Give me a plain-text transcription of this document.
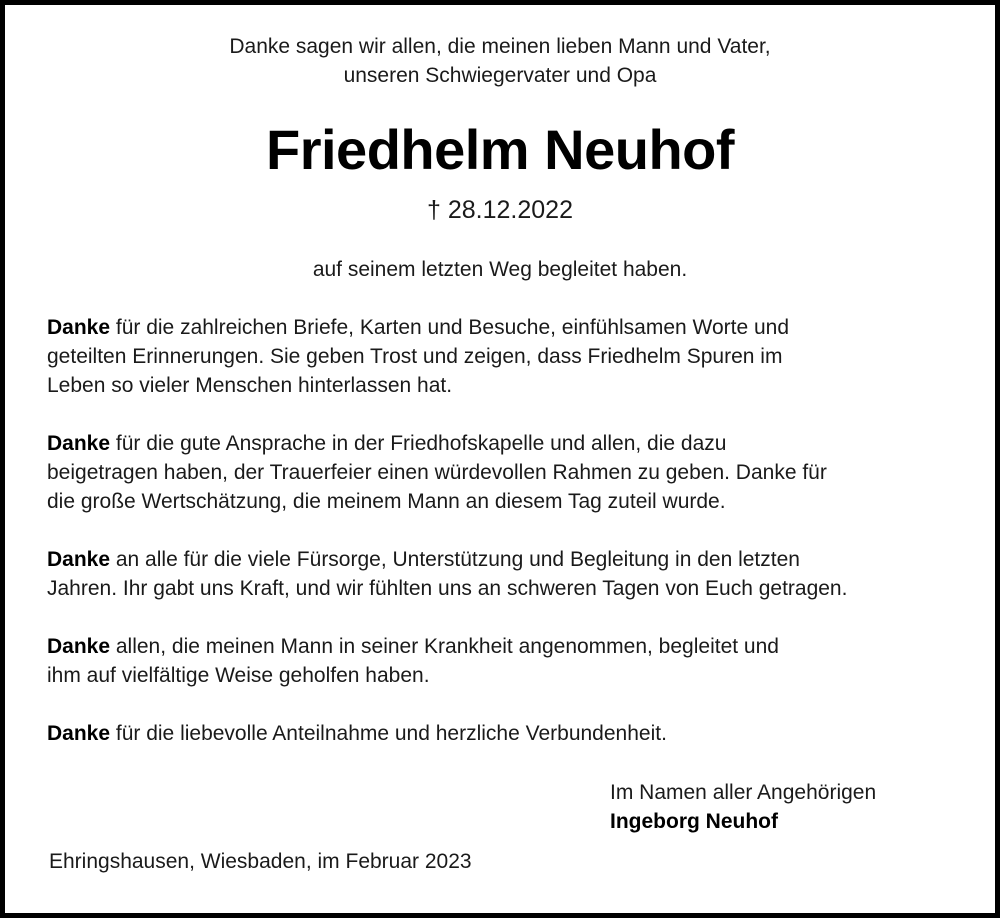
Danke sagen wir allen, die meinen lieben Mann und Vater,
unseren Schwiegervater und Opa
Friedhelm Neuhof
† 28.12.2022
auf seinem letzten Weg begleitet haben.
Danke für die zahlreichen Briefe, Karten und Besuche, einfühlsamen Worte und
geteilten Erinnerungen. Sie geben Trost und zeigen, dass Friedhelm Spuren im
Leben so vieler Menschen hinterlassen hat.
Danke für die gute Ansprache in der Friedhofskapelle und allen, die dazu
beigetragen haben, der Trauerfeier einen würdevollen Rahmen zu geben. Danke für
die große Wertschätzung, die meinem Mann an diesem Tag zuteil wurde.
Danke an alle für die viele Fürsorge, Unterstützung und Begleitung in den letzten
Jahren. Ihr gabt uns Kraft, und wir fühlten uns an schweren Tagen von Euch getragen.
Danke allen, die meinen Mann in seiner Krankheit angenommen, begleitet und
ihm auf vielfältige Weise geholfen haben.
Danke für die liebevolle Anteilnahme und herzliche Verbundenheit.
Im Namen aller Angehörigen
Ingeborg Neuhof
Ehringshausen, Wiesbaden, im Februar 2023
